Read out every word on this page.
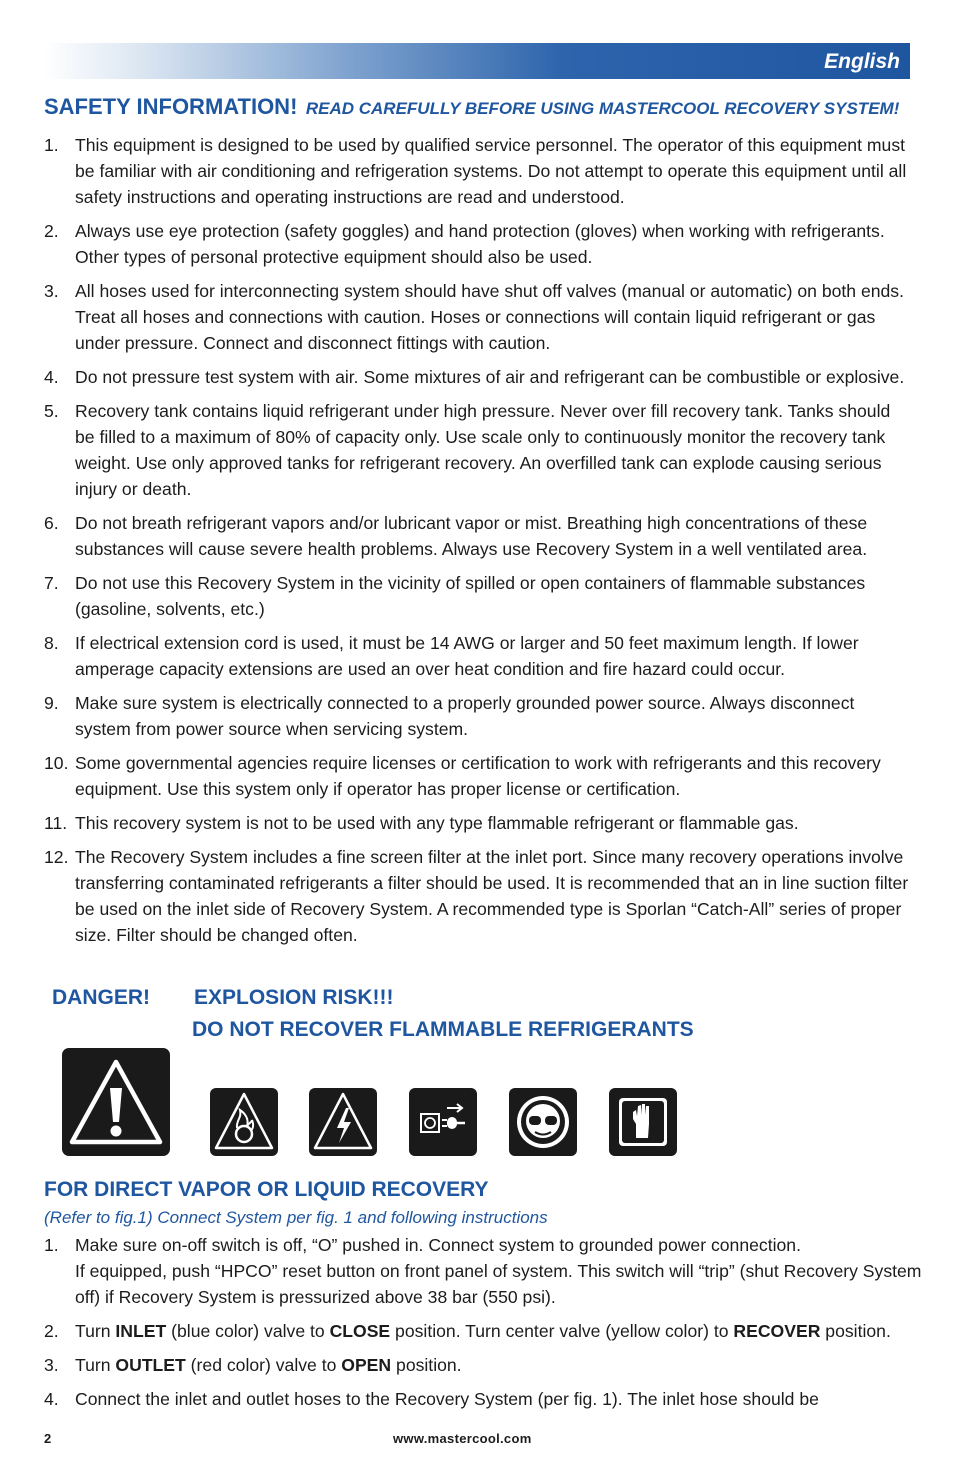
English
SAFETY INFORMATION! READ CAREFULLY BEFORE USING MASTERCOOL RECOVERY SYSTEM!
1. This equipment is designed to be used by qualified service personnel. The operator of this equipment must be familiar with air conditioning and refrigeration systems. Do not attempt to operate this equipment until all safety instructions and operating instructions are read and understood.
2. Always use eye protection (safety goggles) and hand protection (gloves) when working with refrigerants. Other types of personal protective equipment should also be used.
3. All hoses used for interconnecting system should have shut off valves (manual or automatic) on both ends. Treat all hoses and connections with caution. Hoses or connections will contain liquid refrigerant or gas under pressure. Connect and disconnect fittings with caution.
4. Do not pressure test system with air. Some mixtures of air and refrigerant can be combustible or explosive.
5. Recovery tank contains liquid refrigerant under high pressure. Never over fill recovery tank. Tanks should be filled to a maximum of 80% of capacity only. Use scale only to continuously monitor the recovery tank weight. Use only approved tanks for refrigerant recovery. An overfilled tank can explode causing serious injury or death.
6. Do not breath refrigerant vapors and/or lubricant vapor or mist. Breathing high concentrations of these substances will cause severe health problems. Always use Recovery System in a well ventilated area.
7. Do not use this Recovery System in the vicinity of spilled or open containers of flammable substances (gasoline, solvents, etc.)
8. If electrical extension cord is used, it must be 14 AWG or larger and 50 feet maximum length. If lower amperage capacity extensions are used an over heat condition and fire hazard could occur.
9. Make sure system is electrically connected to a properly grounded power source. Always disconnect system from power source when servicing system.
10. Some governmental agencies require licenses or certification to work with refrigerants and this recovery equipment. Use this system only if operator has proper license or certification.
11. This recovery system is not to be used with any type flammable refrigerant or flammable gas.
12. The Recovery System includes a fine screen filter at the inlet port. Since many recovery operations involve transferring contaminated refrigerants a filter should be used. It is recommended that an in line suction filter be used on the inlet side of Recovery System. A recommended type is Sporlan “Catch-All” series of proper size. Filter should be changed often.
DANGER! EXPLOSION RISK!!!
DO NOT RECOVER FLAMMABLE REFRIGERANTS
FOR DIRECT VAPOR OR LIQUID RECOVERY
(Refer to fig.1) Connect System per fig. 1 and following instructions
1. Make sure on-off switch is off, “O” pushed in. Connect system to grounded power connection.
If equipped, push “HPCO” reset button on front panel of system. This switch will “trip” (shut Recovery System off) if Recovery System is pressurized above 38 bar (550 psi).
2. Turn INLET (blue color) valve to CLOSE position. Turn center valve (yellow color) to RECOVER position.
3. Turn OUTLET (red color) valve to OPEN position.
4. Connect the inlet and outlet hoses to the Recovery System (per fig. 1). The inlet hose should be
2	www.mastercool.com
